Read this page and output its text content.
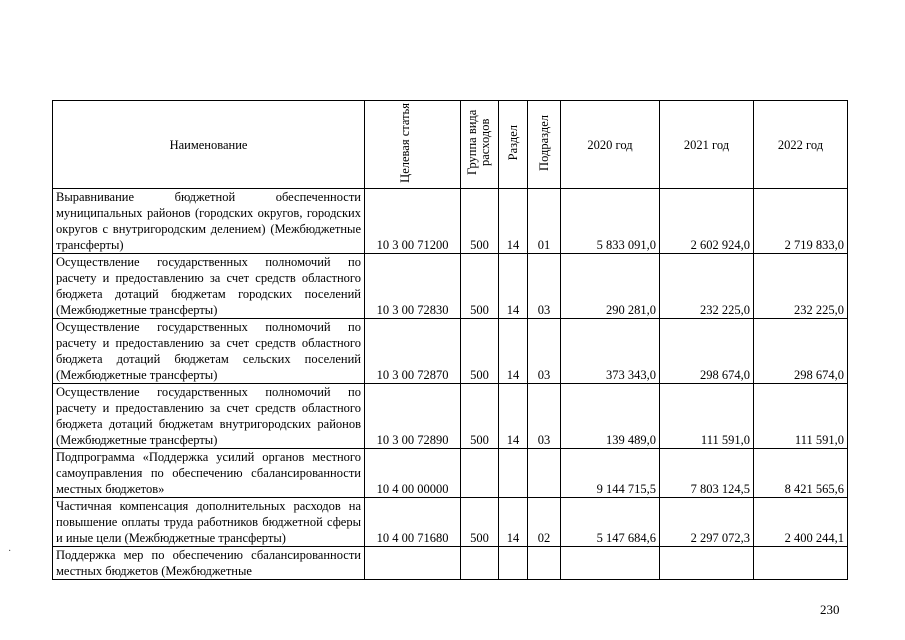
Наименование	Целевая статья	Группа вида расходов	Раздел	Подраздел	2020 год	2021 год	2022 год
Выравнивание бюджетной обеспеченности муниципальных районов (городских округов, городских округов с внутригородским делением) (Межбюджетные трансферты)	10 3 00 71200	500	14	01	5 833 091,0	2 602 924,0	2 719 833,0
Осуществление государственных полномочий по расчету и предоставлению за счет средств областного бюджета дотаций бюджетам городских поселений (Межбюджетные трансферты)	10 3 00 72830	500	14	03	290 281,0	232 225,0	232 225,0
Осуществление государственных полномочий по расчету и предоставлению за счет средств областного бюджета дотаций бюджетам сельских поселений (Межбюджетные трансферты)	10 3 00 72870	500	14	03	373 343,0	298 674,0	298 674,0
Осуществление государственных полномочий по расчету и предоставлению за счет средств областного бюджета дотаций бюджетам внутригородских районов (Межбюджетные трансферты)	10 3 00 72890	500	14	03	139 489,0	111 591,0	111 591,0
Подпрограмма «Поддержка усилий органов местного самоуправления по обеспечению сбалансированности местных бюджетов»	10 4 00 00000				9 144 715,5	7 803 124,5	8 421 565,6
Частичная компенсация дополнительных расходов на повышение оплаты труда работников бюджетной сферы и иные цели (Межбюджетные трансферты)	10 4 00 71680	500	14	02	5 147 684,6	2 297 072,3	2 400 244,1
Поддержка мер по обеспечению сбалансированности местных бюджетов (Межбюджетные							
·
230
